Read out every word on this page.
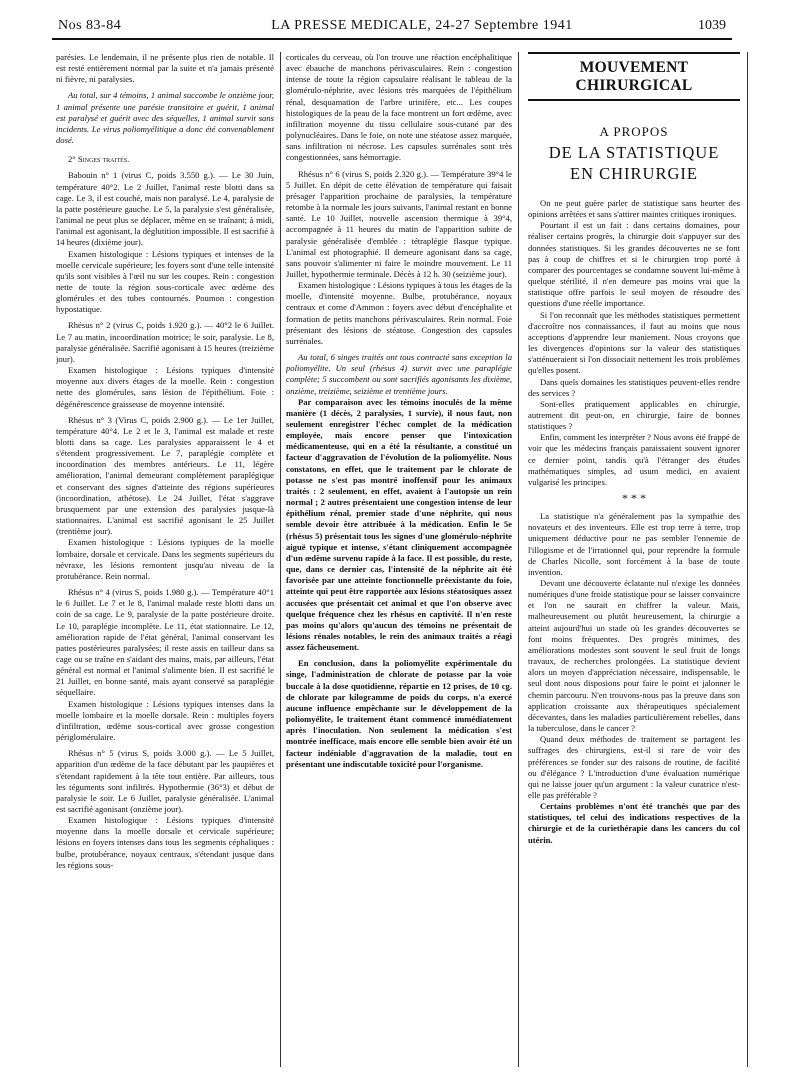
Nos 83-84	LA PRESSE MEDICALE, 24-27 Septembre 1941	1039

parésies. Le lendemain, il ne présente plus rien de notable. Il est resté entièrement normal par la suite et n'a jamais présenté ni fièvre, ni paralysies.

Au total, sur 4 témoins, 1 animal succombe le onzième jour, 1 animal présente une parésie transitoire et guérit, 1 animal est paralysé et guérit avec des séquelles, 1 animal survit sans incidents. Le virus poliomyélitique a donc été convenablement dosé.

2° Singes traités.

Babouin n° 1 (virus C, poids 3.550 g.). — Le 30 Juin, température 40°2. Le 2 Juillet, l'animal reste blotti dans sa cage. Le 3, il est couché, mais non paralysé. Le 4, paralysie de la patte postérieure gauche. Le 5, la paralysie s'est généralisée, l'animal ne peut plus se déplacer, même en se traînant; à midi, l'animal est agonisant, la déglutition impossible. Il est sacrifié à 14 heures (dixième jour).

Examen histologique : Lésions typiques et intenses de la moelle cervicale supérieure; les foyers sont d'une telle intensité qu'ils sont visibles à l'œil nu sur les coupes. Rein : congestion nette de toute la région sous-corticale avec œdème des glomérules et des tubes contournés. Poumon : congestion hypostatique.

Rhésus n° 2 (virus C, poids 1.920 g.). — 40°2 le 6 Juillet. Le 7 au matin, incoordination motrice; le soir, paralysie. Le 8, paralysie généralisée. Sacrifié agonisant à 15 heures (treizième jour).

Examen histologique : Lésions typiques d'intensité moyenne aux divers étages de la moelle. Rein : congestion nette des glomérules, sans lésion de l'épithélium. Foie : dégénérescence graisseuse de moyenne intensité.

Rhésus n° 3 (Virus C, poids 2.900 g.). — Le 1er Juillet, température 40°4. Le 2 et le 3, l'animal est malade et reste blotti dans sa cage. Les paralysies apparaissent le 4 et s'étendent progressivement. Le 7, paraplégie complète et incoordination des membres antérieurs. Le 11, légère amélioration, l'animal demeurant complètement paraplégique et conservant des signes d'atteinte des régions supérieures (incoordination, athétose). Le 24 Juillet, l'état s'aggrave brusquement par une extension des paralysies jusque-là stationnaires. L'animal est sacrifié agonisant le 25 Juillet (trentième jour).

Examen histologique : Lésions typiques de la moelle lombaire, dorsale et cervicale. Dans les segments supérieurs du névraxe, les lésions remontent jusqu'au niveau de la protubérance. Rein normal.

Rhésus n° 4 (virus S, poids 1.980 g.). — Température 40°1 le 6 Juillet. Le 7 et le 8, l'animal malade reste blotti dans un coin de sa cage. Le 9, paralysie de la patte postérieure droite. Le 10, paraplégie incomplète. Le 11, état stationnaire. Le 12, amélioration rapide de l'état général, l'animal conservant les pattes postérieures paralysées; il reste assis en tailleur dans sa cage ou se traîne en s'aidant des mains, mais, par ailleurs, l'état général est normal et l'animal s'alimente bien. Il est sacrifié le 21 Juillet, en bonne santé, mais ayant conservé sa paraplégie séquellaire.

Examen histologique : Lésions typiques intenses dans la moelle lombaire et la moelle dorsale. Rein : multiples foyers d'infiltration, œdème sous-cortical avec grosse congestion périglomérulaire.

Rhésus n° 5 (virus S, poids 3.000 g.). — Le 5 Juillet, apparition d'un œdème de la face débutant par les paupières et s'étendant rapidement à la tête tout entière. Par ailleurs, tous les téguments sont infiltrés. Hypothermie (36°3) et début de paralysie le soir. Le 6 Juillet, paralysie généralisée. L'animal est sacrifié agonisant (onzième jour).

Examen histologique : Lésions typiques d'intensité moyenne dans la moelle dorsale et cervicale supérieure; lésions en foyers intenses dans tous les segments céphaliques : bulbe, protubérance, noyaux centraux, s'étendant jusque dans les régions sous-

corticales du cerveau, où l'on trouve une réaction encéphalitique avec ébauche de manchons périvasculaires. Rein : congestion intense de toute la région capsulaire réalisant le tableau de la glomérulo-néphrite, avec lésions très marquées de l'épithélium rénal, desquamation de l'arbre urinifère, etc... Les coupes histologiques de la peau de la face montrent un fort œdème, avec infiltration moyenne du tissu cellulaire sous-cutané par des polynucléaires. Dans le foie, on note une stéatose assez marquée, sans infiltration ni nécrose. Les capsules surrénales sont très congestionnées, sans hémorragie.

Rhésus n° 6 (virus S, poids 2.320 g.). — Température 39°4 le 5 Juillet. En dépit de cette élévation de température qui faisait présager l'apparition prochaine de paralysies, la température retombe à la normale les jours suivants, l'animal restant en bonne santé. Le 10 Juillet, nouvelle ascension thermique à 39°4, accompagnée à 11 heures du matin de l'apparition subite de paralysie généralisée d'emblée : tétraplégie flasque typique. L'animal est photographié. Il demeure agonisant dans sa cage, sans pouvoir s'alimenter ni faire le moindre mouvement. Le 11 Juillet, hypothermie terminale. Décès à 12 h. 30 (seizième jour).

Examen histologique : Lésions typiques à tous les étages de la moelle, d'intensité moyenne. Bulbe, protubérance, noyaux centraux et corne d'Ammon : foyers avec début d'encéphalite et formation de petits manchons périvasculaires. Rein normal. Foie présentant des lésions de stéatose. Congestion des capsules surrénales.

Au total, 6 singes traités ont tous contracté sans exception la poliomyélite. Un seul (rhésus 4) survit avec une paraplégie complète; 5 succombent ou sont sacrifiés agonisants les dixième, onzième, treizième, seizième et trentième jours.

Par comparaison avec les témoins inoculés de la même manière (1 décès, 2 paralysies, 1 survie), il nous faut, non seulement enregistrer l'échec complet de la médication employée, mais encore penser que l'intoxication médicamenteuse, qui en a été la résultante, a constitué un facteur d'aggravation de l'évolution de la poliomyélite. Nous constatons, en effet, que le traitement par le chlorate de potasse ne s'est pas montré inoffensif pour les animaux traités : 2 seulement, en effet, avaient à l'autopsie un rein normal ; 2 autres présentaient une congestion intense de leur épithélium rénal, premier stade d'une néphrite, qui nous semble devoir être attribuée à la médication. Enfin le 5e (rhésus 5) présentait tous les signes d'une glomérulo-néphrite aiguë typique et intense, s'étant cliniquement accompagnée d'un œdème survenu rapide à la face. Il est possible, du reste, que, dans ce dernier cas, l'intensité de la néphrite ait été favorisée par une atteinte fonctionnelle préexistante du foie, atteinte qui peut être rapportée aux lésions stéatosiques assez accusées que présentait cet animal et que l'on observe avec quelque fréquence chez les rhésus en captivité. Il n'en reste pas moins qu'alors qu'aucun des témoins ne présentait de lésions rénales notables, le rein des animaux traités a réagi assez fâcheusement.

En conclusion, dans la poliomyélite expérimentale du singe, l'administration de chlorate de potasse par la voie buccale à la dose quotidienne, répartie en 12 prises, de 10 cg. de chlorate par kilogramme de poids du corps, n'a exercé aucune influence empêchante sur le développement de la poliomyélite, le traitement étant commencé immédiatement après l'inoculation. Non seulement la médication s'est montrée inefficace, mais encore elle semble bien avoir été un facteur indéniable d'aggravation de la maladie, tout en présentant une indiscutable toxicité pour l'organisme.

MOUVEMENT CHIRURGICAL
A PROPOS
DE LA STATISTIQUE
EN CHIRURGIE

On ne peut guère parler de statistique sans heurter des opinions arrêtées et sans s'attirer maintes critiques ironiques.

Pourtant il est un fait : dans certains domaines, pour réaliser certains progrès, la chirurgie doit s'appuyer sur des données statistiques. Si les grandes découvertes ne se font pas à coup de chiffres et si le chirurgien trop porté à comparer des pourcentages se condamne souvent lui-même à quelque stérilité, il n'en demeure pas moins vrai que la statistique offre parfois le seul moyen de résoudre des questions d'une réelle importance.

Si l'on reconnaît que les méthodes statistiques permettent d'accroître nos connaissances, il faut au moins que nous acceptions d'apprendre leur maniement. Nous croyons que les divergences d'opinions sur la valeur des statistiques s'atténueraient si l'on dissociait nettement les trois problèmes qu'elles posent.

Dans quels domaines les statistiques peuvent-elles rendre des services ?

Sont-elles pratiquement applicables en chirurgie, autrement dit peut-on, en chirurgie, faire de bonnes statistiques ?

Enfin, comment les interpréter ? Nous avons été frappé de voir que les médecins français paraissaient souvent ignorer ce dernier point, tandis qu'à l'étranger des études mathématiques simples, ad usum medici, en avaient vulgarisé les principes.

* * *

La statistique n'a généralement pas la sympathie des novateurs et des inventeurs. Elle est trop terre à terre, trop uniquement déductive pour ne pas sembler l'ennemie de l'illogisme et de l'irrationnel qui, pour reprendre la formule de Charles Nicolle, sont forcément à la base de toute invention.

Devant une découverte éclatante nul n'exige les données numériques d'une froide statistique pour se laisser convaincre et l'on ne saurait en chiffrer la valeur. Mais, malheureusement ou plutôt heureusement, la chirurgie a atteint aujourd'hui un stade où les grandes découvertes se font moins fréquentes. Des progrès minimes, des améliorations modestes sont souvent le seul fruit de longs travaux, de recherches prolongées. La statistique devient alors un moyen d'appréciation nécessaire, indispensable, le seul dont nous disposions pour faire le point et jalonner le chemin parcouru. N'en trouvons-nous pas la preuve dans son application croissante aux thérapeutiques spécialement décevantes, dans les maladies particulièrement rebelles, dans la tuberculose, dans le cancer ?

Quand deux méthodes de traitement se partagent les suffrages des chirurgiens, est-il si rare de voir des préférences se fonder sur des raisons de routine, de facilité ou d'élégance ? L'introduction d'une évaluation numérique qui ne laisse jouer qu'un argument : la valeur curatrice n'est-elle pas préférable ?

Certains problèmes n'ont été tranchés que par des statistiques, tel celui des indications respectives de la chirurgie et de la curiethérapie dans les cancers du col utérin.
